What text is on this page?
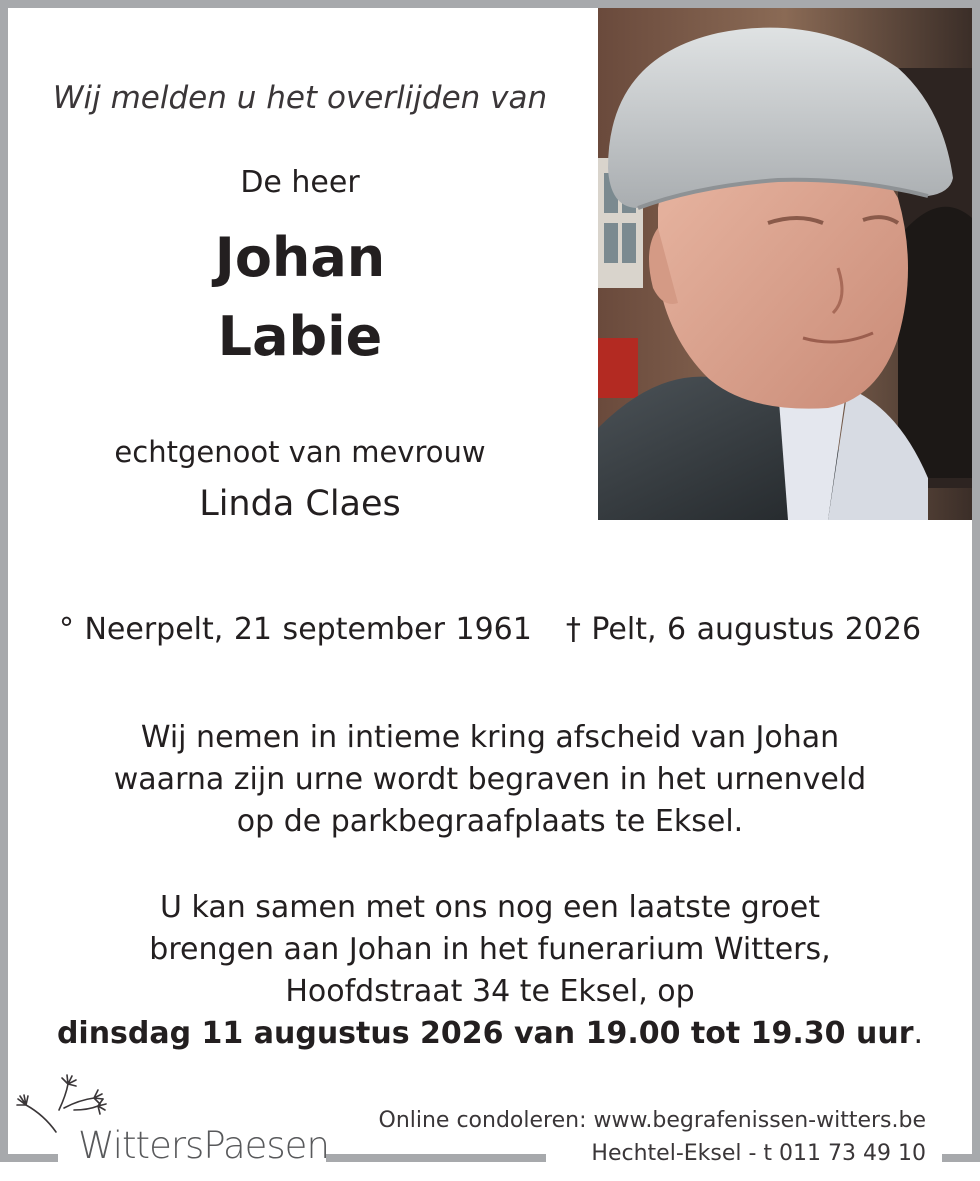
Wij melden u het overlijden van
De heer
Johan
Labie
echtgenoot van mevrouw
Linda Claes
° Neerpelt, 21 september 1961 † Pelt, 6 augustus 2026
Wij nemen in intieme kring afscheid van Johan
waarna zijn urne wordt begraven in het urnenveld
op de parkbegraafplaats te Eksel.
U kan samen met ons nog een laatste groet
brengen aan Johan in het funerarium Witters,
Hoofdstraat 34 te Eksel, op
dinsdag 11 augustus 2026 van 19.00 tot 19.30 uur.
WittersPaesen
Online condoleren: www.begrafenissen-witters.be
Hechtel-Eksel - t 011 73 49 10
